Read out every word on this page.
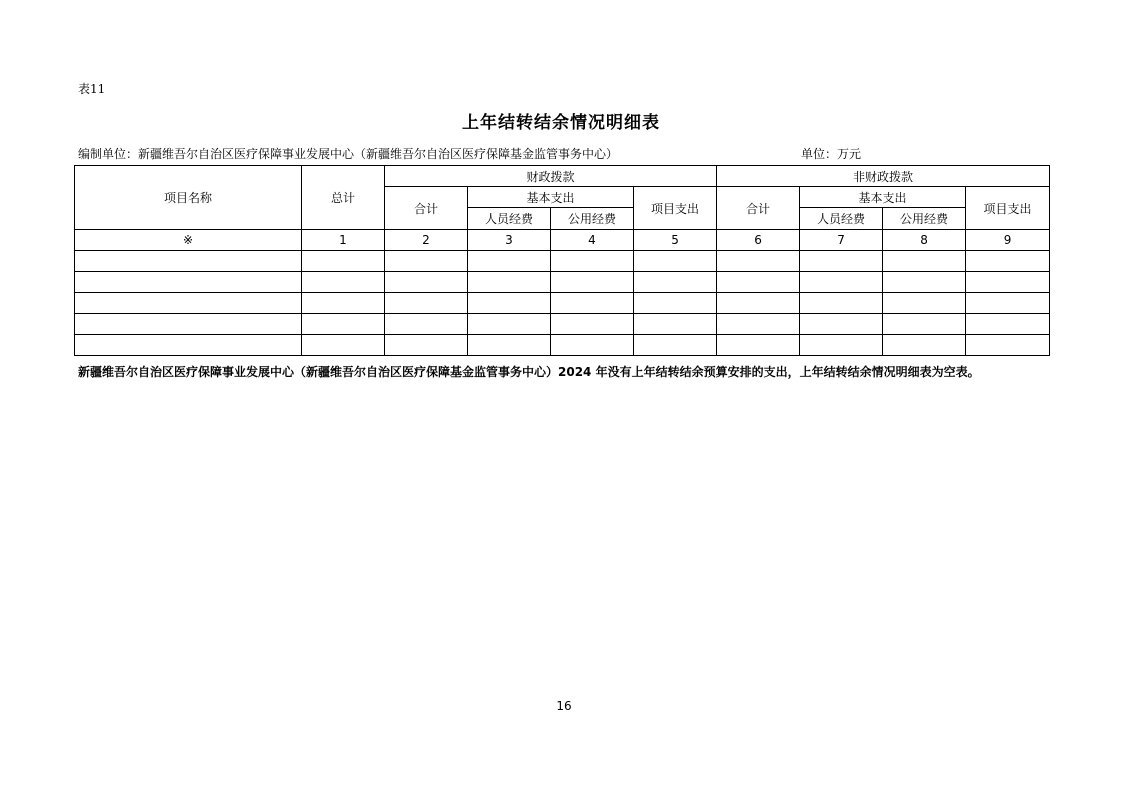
表11
上年结转结余情况明细表
编制单位：新疆维吾尔自治区医疗保障事业发展中心（新疆维吾尔自治区医疗保障基金监管事务中心）	单位：万元
项目名称	总计	财政拨款				非财政拨款			
		合计	基本支出		项目支出	合计	基本支出		项目支出
			人员经费	公用经费			人员经费	公用经费	
※	1	2	3	4	5	6	7	8	9

新疆维吾尔自治区医疗保障事业发展中心（新疆维吾尔自治区医疗保障基金监管事务中心）2024 年没有上年结转结余预算安排的支出，上年结转结余情况明细表为空表。
16
